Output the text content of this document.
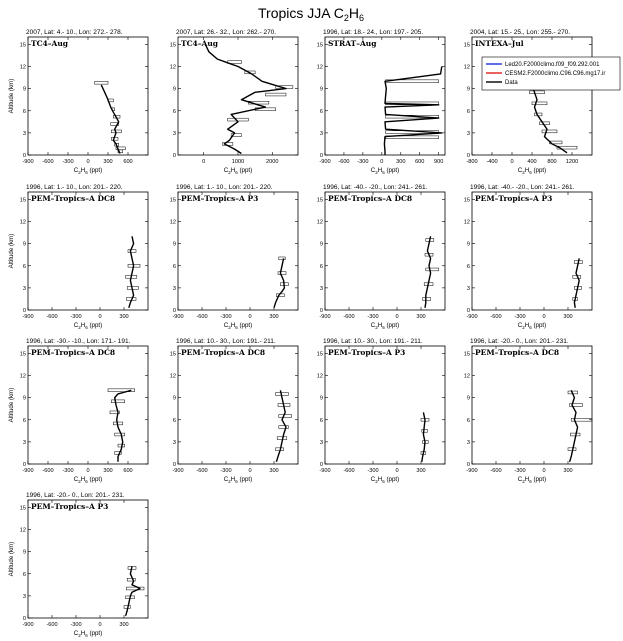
Tropics JJA $C_2H_6$
2007, Lat: 4.- 10., Lon: 272.- 278.
TC4–Aug
0
3
6
9
12
15
-900 -600 -300 0 300 600
$C_2H_6$ (ppt)
Altitude (km)
2007, Lat: 26.- 32., Lon: 262.- 270.
TC4–Aug
0
3
6
9
12
15
0	1000	2000
$C_2H_6$ (ppt)
1996, Lat: 18.- 24., Lon: 197.- 205.
STRAT–Aug
0
3
6
9
12
15
-900 -600 -300 0 300 600 900
$C_2H_6$ (ppt)
2004, Lat: 15.- 25., Lon: 255.- 270.
INTEXA–Jul
0
3
6
9
12
15
-800 -400 0 400 800 1200
$C_2H_6$ (ppt)
1996, Lat: 1.- 10., Lon: 201.- 220.
PEM–Tropics–A DC8
0
3
6
9
12
15
-900 -600 -300	0	300
$C_2H_6$ (ppt)
Altitude (km)
1996, Lat: 1.- 10., Lon: 201.- 220.
PEM–Tropics–A P3
0
3
6
9
12
15
-900 -600 -300	0	300
$C_2H_6$ (ppt)
1996, Lat: -40.- -20., Lon: 241.- 261.
PEM–Tropics–A DC8
0
3
6
9
12
15
-900 -600 -300	0	300
$C_2H_6$ (ppt)
1996, Lat: -40.- -20., Lon: 241.- 261.
PEM–Tropics–A P3
0
3
6
9
12
15
-900 -600 -300	0	300
$C_2H_6$ (ppt)
1996, Lat: -30.- -10., Lon: 171.- 191.
PEM–Tropics–A DC8
0
3
6
9
12
15
-900 -600 -300 0 300 600
$C_2H_6$ (ppt)
Altitude (km)
1996, Lat: 10.- 30., Lon: 191.- 211.
PEM–Tropics–A DC8
0
3
6
9
12
15
-900 -600 -300	0	300
$C_2H_6$ (ppt)
1996, Lat: 10.- 30., Lon: 191.- 211.
PEM–Tropics–A P3
0
3
6
9
12
15
-900 -600 -300	0	300
$C_2H_6$ (ppt)
1996, Lat: -20.- 0., Lon: 201.- 231.
PEM–Tropics–A DC8
0
3
6
9
12
15
-900 -600 -300	0	300
$C_2H_6$ (ppt)
1996, Lat: -20.- 0., Lon: 201.- 231.
PEM–Tropics–A P3
0
3
6
9
12
15
-900 -600 -300	0	300
$C_2H_6$ (ppt)
Altitude (km)
Led20.F2000climo.f09_f09.292.001
CESM2.F2000climo.C96.C96.mg17.ir
Data
